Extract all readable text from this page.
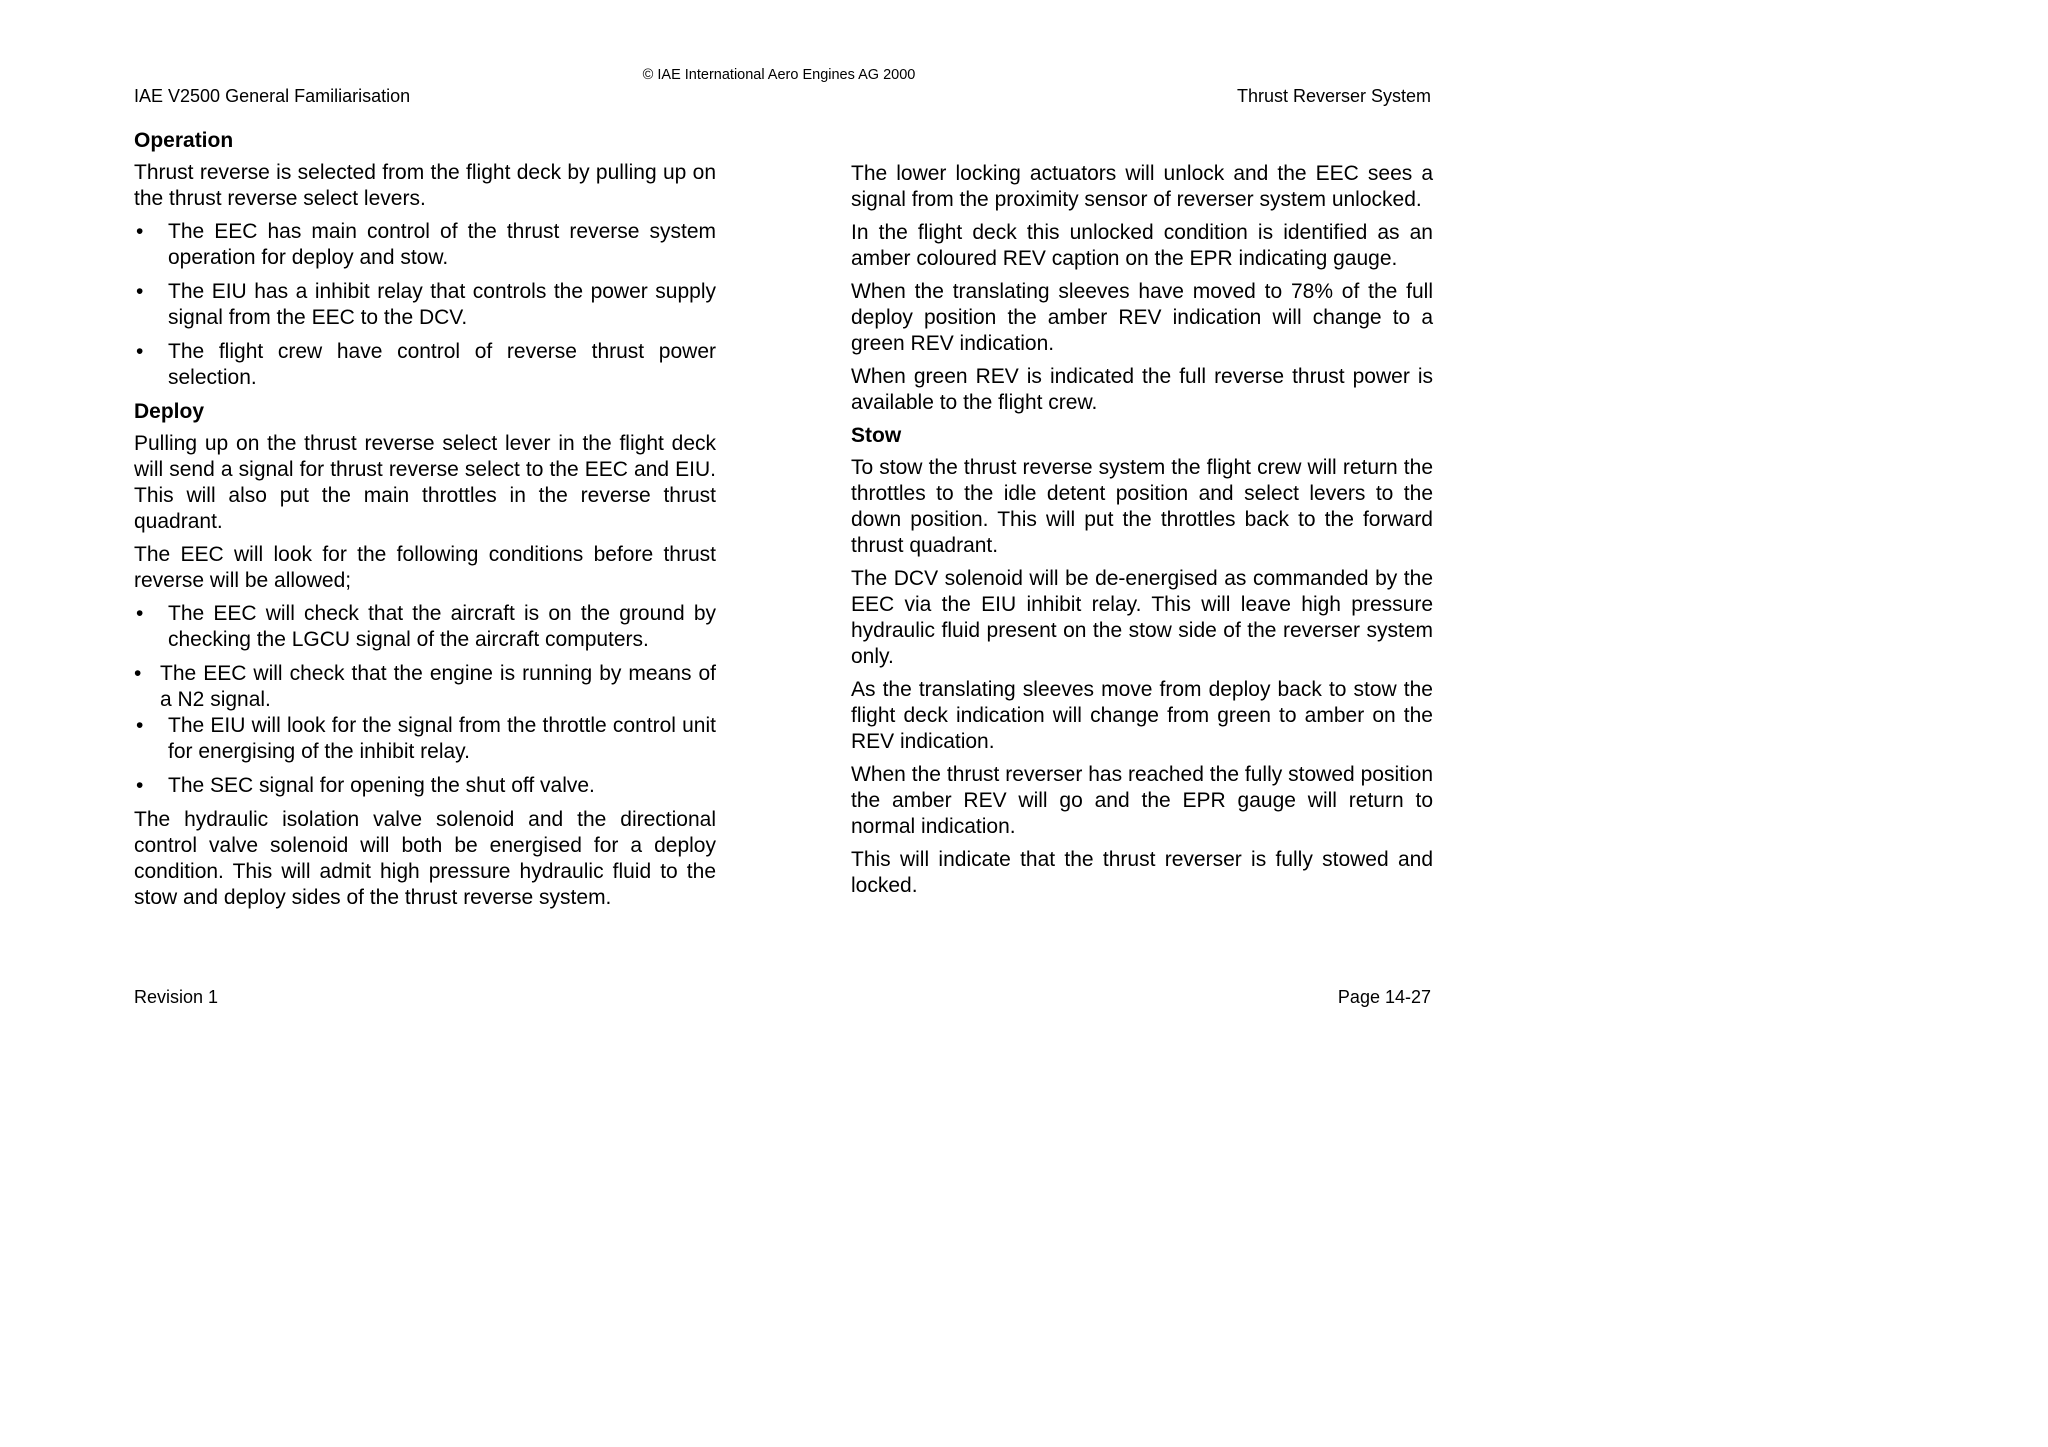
© IAE International Aero Engines AG 2000
IAE V2500 General Familiarisation	Thrust Reverser System
Operation

Thrust reverse is selected from the flight deck by pulling up on the thrust reverse select levers.

• The EEC has main control of the thrust reverse system operation for deploy and stow.
• The EIU has a inhibit relay that controls the power supply signal from the EEC to the DCV.
• The flight crew have control of reverse thrust power selection.
Deploy

Pulling up on the thrust reverse select lever in the flight deck will send a signal for thrust reverse select to the EEC and EIU. This will also put the main throttles in the reverse thrust quadrant.

The EEC will look for the following conditions before thrust reverse will be allowed;

• The EEC will check that the aircraft is on the ground by checking the LGCU signal of the aircraft computers.
• The EEC will check that the engine is running by means of a N2 signal.
• The EIU will look for the signal from the throttle control unit for energising of the inhibit relay.
• The SEC signal for opening the shut off valve.

The hydraulic isolation valve solenoid and the directional control valve solenoid will both be energised for a deploy condition. This will admit high pressure hydraulic fluid to the stow and deploy sides of the thrust reverse system.

The lower locking actuators will unlock and the EEC sees a signal from the proximity sensor of reverser system unlocked.

In the flight deck this unlocked condition is identified as an amber coloured REV caption on the EPR indicating gauge.

When the translating sleeves have moved to 78% of the full deploy position the amber REV indication will change to a green REV indication.

When green REV is indicated the full reverse thrust power is available to the flight crew.

Stow

To stow the thrust reverse system the flight crew will return the throttles to the idle detent position and select levers to the down position. This will put the throttles back to the forward thrust quadrant.

The DCV solenoid will be de-energised as commanded by the EEC via the EIU inhibit relay. This will leave high pressure hydraulic fluid present on the stow side of the reverser system only.

As the translating sleeves move from deploy back to stow the flight deck indication will change from green to amber on the REV indication.

When the thrust reverser has reached the fully stowed position the amber REV will go and the EPR gauge will return to normal indication.

This will indicate that the thrust reverser is fully stowed and locked.

Revision 1	Page 14-27
